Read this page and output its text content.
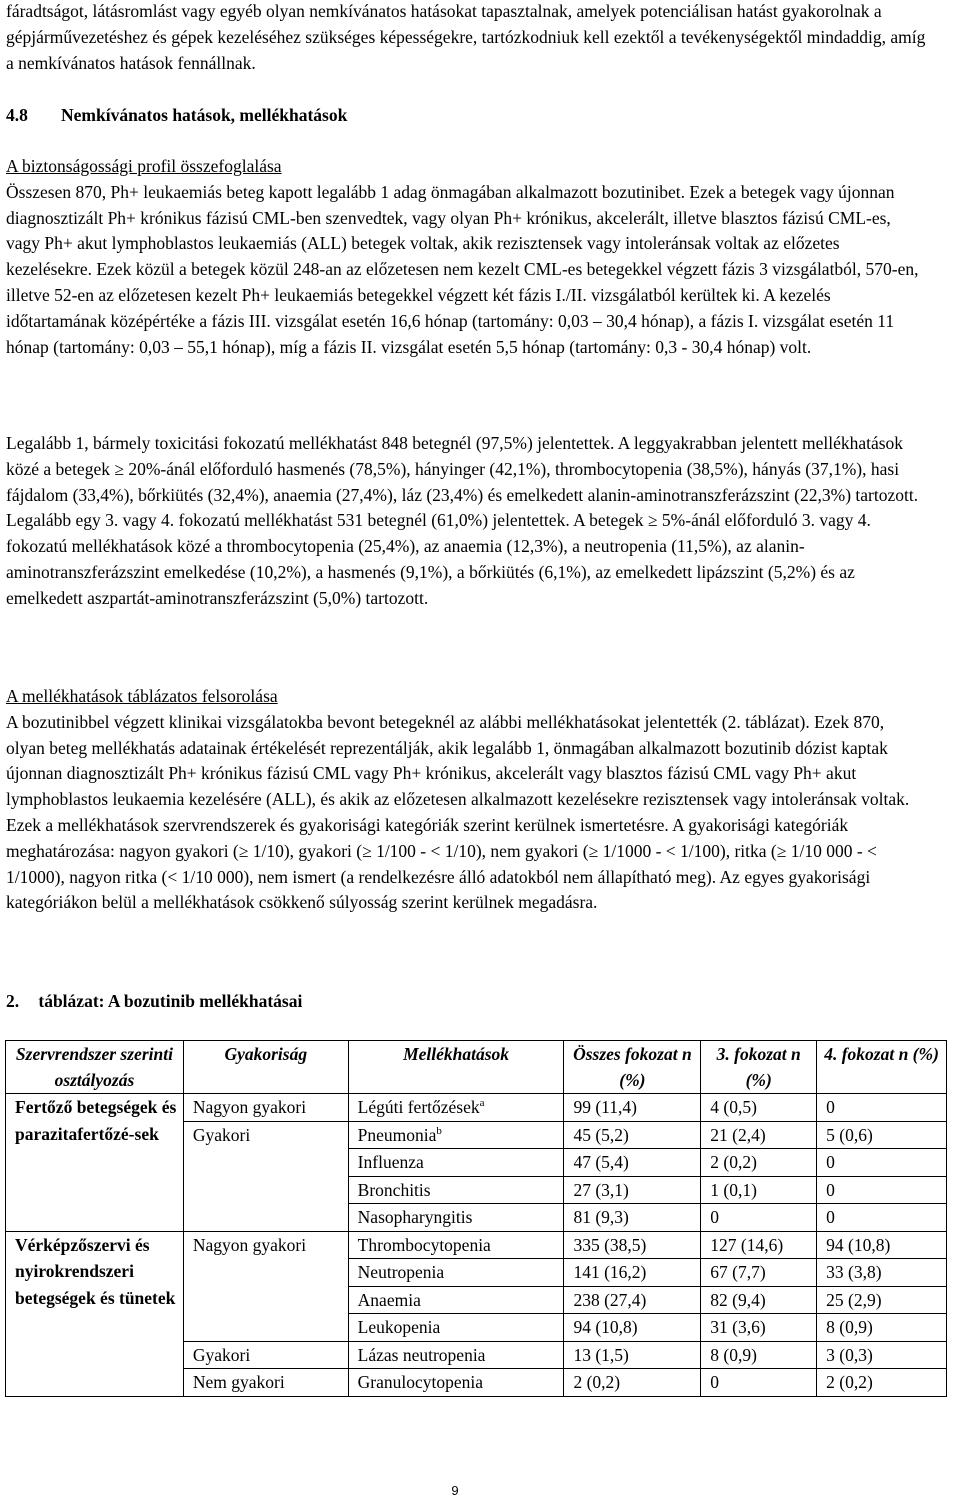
fáradtságot, látásromlást vagy egyéb olyan nemkívánatos hatásokat tapasztalnak, amelyek potenciálisan hatást gyakorolnak a gépjárművezetéshez és gépek kezeléséhez szükséges képességekre, tartózkodniuk kell ezektől a tevékenységektől mindaddig, amíg a nemkívánatos hatások fennállnak.

4.8 Nemkívánatos hatások, mellékhatások
A biztonságossági profil összefoglalása
Összesen 870, Ph+ leukaemiás beteg kapott legalább 1 adag önmagában alkalmazott bozutinibet. Ezek a betegek vagy újonnan diagnosztizált Ph+ krónikus fázisú CML-ben szenvedtek, vagy olyan Ph+ krónikus, akcelerált, illetve blasztos fázisú CML-es, vagy Ph+ akut lymphoblastos leukaemiás (ALL) betegek voltak, akik rezisztensek vagy intoleránsak voltak az előzetes kezelésekre. Ezek közül a betegek közül 248-an az előzetesen nem kezelt CML-es betegekkel végzett fázis 3 vizsgálatból, 570-en, illetve 52-en az előzetesen kezelt Ph+ leukaemiás betegekkel végzett két fázis I./II. vizsgálatból kerültek ki. A kezelés időtartamának középértéke a fázis III. vizsgálat esetén 16,6 hónap (tartomány: 0,03 – 30,4 hónap), a fázis I. vizsgálat esetén 11 hónap (tartomány: 0,03 – 55,1 hónap), míg a fázis II. vizsgálat esetén 5,5 hónap (tartomány: 0,3 - 30,4 hónap) volt.

Legalább 1, bármely toxicitási fokozatú mellékhatást 848 betegnél (97,5%) jelentettek. A leggyakrabban jelentett mellékhatások közé a betegek ≥ 20%-ánál előforduló hasmenés (78,5%), hányinger (42,1%), thrombocytopenia (38,5%), hányás (37,1%), hasi fájdalom (33,4%), bőrkiütés (32,4%), anaemia (27,4%), láz (23,4%) és emelkedett alanin-aminotranszferázszint (22,3%) tartozott. Legalább egy 3. vagy 4. fokozatú mellékhatást 531 betegnél (61,0%) jelentettek. A betegek ≥ 5%-ánál előforduló 3. vagy 4. fokozatú mellékhatások közé a thrombocytopenia (25,4%), az anaemia (12,3%), a neutropenia (11,5%), az alanin-aminotranszferázszint emelkedése (10,2%), a hasmenés (9,1%), a bőrkiütés (6,1%), az emelkedett lipázszint (5,2%) és az emelkedett aszpartát-aminotranszferázszint (5,0%) tartozott.

A mellékhatások táblázatos felsorolása
A bozutinibbel végzett klinikai vizsgálatokba bevont betegeknél az alábbi mellékhatásokat jelentették (2. táblázat). Ezek 870, olyan beteg mellékhatás adatainak értékelését reprezentálják, akik legalább 1, önmagában alkalmazott bozutinib dózist kaptak újonnan diagnosztizált Ph+ krónikus fázisú CML vagy Ph+ krónikus, akcelerált vagy blasztos fázisú CML vagy Ph+ akut lymphoblastos leukaemia kezelésére (ALL), és akik az előzetesen alkalmazott kezelésekre rezisztensek vagy intoleránsak voltak. Ezek a mellékhatások szervrendszerek és gyakorisági kategóriák szerint kerülnek ismertetésre. A gyakorisági kategóriák meghatározása: nagyon gyakori (≥ 1/10), gyakori (≥ 1/100 - < 1/10), nem gyakori (≥ 1/1000 - < 1/100), ritka (≥ 1/10 000 - < 1/1000), nagyon ritka (< 1/10 000), nem ismert (a rendelkezésre álló adatokból nem állapítható meg). Az egyes gyakorisági kategóriákon belül a mellékhatások csökkenő súlyosság szerint kerülnek megadásra.
2. táblázat: A bozutinib mellékhatásai
Szervrendszer szerinti osztályozás	Gyakoriság	Mellékhatások	Összes fokozat n (%)	3. fokozat n (%)	4. fokozat n (%)
Fertőző betegségek és parazitafertőzé-sek	Nagyon gyakori	Légúti fertőzések$^a$	99 (11,4)	4 (0,5)	0
	Gyakori	Pneumonia$^b$	45 (5,2)	21 (2,4)	5 (0,6)
		Influenza	47 (5,4)	2 (0,2)	0
		Bronchitis	27 (3,1)	1 (0,1)	0
		Nasopharyngitis	81 (9,3)	0	0
Vérképzőszervi és nyirokrendszeri betegségek és tünetek	Nagyon gyakori	Thrombocytopenia	335 (38,5)	127 (14,6)	94 (10,8)
		Neutropenia	141 (16,2)	67 (7,7)	33 (3,8)
		Anaemia	238 (27,4)	82 (9,4)	25 (2,9)
		Leukopenia	94 (10,8)	31 (3,6)	8 (0,9)
	Gyakori	Lázas neutropenia	13 (1,5)	8 (0,9)	3 (0,3)
	Nem gyakori	Granulocytopenia	2 (0,2)	0	2 (0,2)
9
